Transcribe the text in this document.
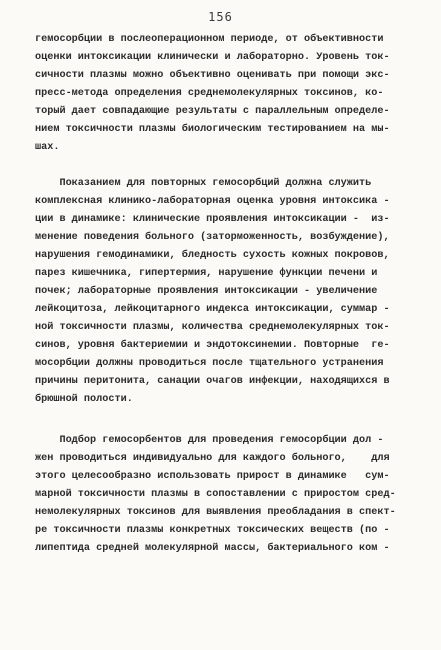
156
гемосорбции в послеоперационном периоде, от объективности
оценки интоксикации клинически и лабораторно. Уровень ток-
сичности плазмы можно объективно оценивать при помощи экс-
пресс-метода определения среднемолекулярных токсинов, ко-
торый дает совпадающие результаты с параллельным определе-
нием токсичности плазмы биологическим тестированием на мы-
шах.
Показанием для повторных гемосорбций должна служить
комплексная клинико-лабораторная оценка уровня интоксика -
ции в динамике: клинические проявления интоксикации -  из-
менение поведения больного (заторможенность, возбуждение),
нарушения гемодинамики, бледность сухость кожных покровов,
парез кишечника, гипертермия, нарушение функции печени и
почек; лабораторные проявления интоксикации - увеличение
лейкоцитоза, лейкоцитарного индекса интоксикации, суммар -
ной токсичности плазмы, количества среднемолекулярных ток-
синов, уровня бактериемии и эндотоксинемии. Повторные  ге-
мосорбции должны проводиться после тщательного устранения
причины перитонита, санации очагов инфекции, находящихся в
брюшной полости.
Подбор гемосорбентов для проведения гемосорбции дол -
жен проводиться индивидуально для каждого больного,    для
этого целесообразно использовать прирост в динамике   сум-
марной токсичности плазмы в сопоставлении с приростом сред-
немолекулярных токсинов для выявления преобладания в спект-
ре токсичности плазмы конкретных токсических веществ (по -
липептида средней молекулярной массы, бактериального ком -
